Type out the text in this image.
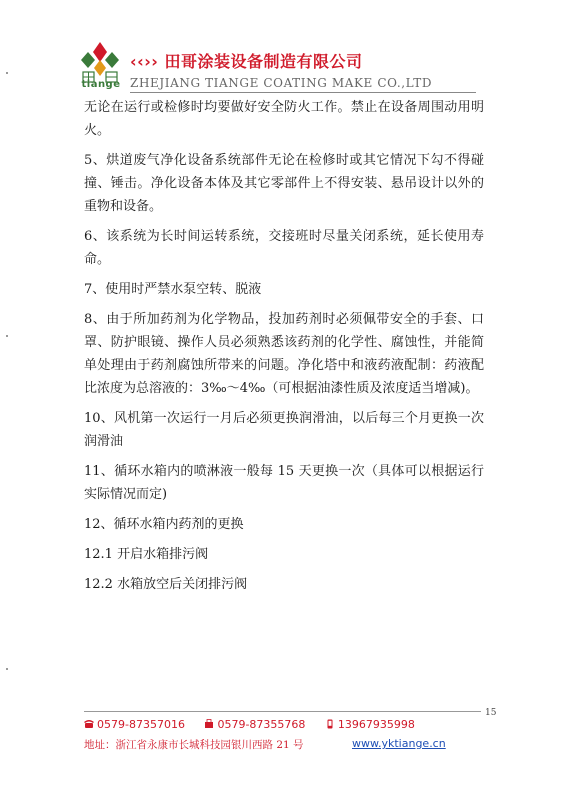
tiange
‹‹›› 田哥涂装设备制造有限公司
ZHEJIANG TIANGE COATING MAKE CO.,LTD

无论在运行或检修时均要做好安全防火工作。禁止在设备周围动用明火。

5、烘道废气净化设备系统部件无论在检修时或其它情况下勾不得碰撞、锤击。净化设备本体及其它零部件上不得安装、悬吊设计以外的重物和设备。

6、该系统为长时间运转系统，交接班时尽量关闭系统，延长使用寿命。

7、使用时严禁水泵空转、脱液

8、由于所加药剂为化学物品，投加药剂时必须佩带安全的手套、口罩、防护眼镜、操作人员必须熟悉该药剂的化学性、腐蚀性，并能简单处理由于药剂腐蚀所带来的问题。净化塔中和液药液配制：药液配比浓度为总溶液的：3‰～4‰（可根据油漆性质及浓度适当增减)。

10、风机第一次运行一月后必须更换润滑油，以后每三个月更换一次润滑油

11、循环水箱内的喷淋液一般每 15 天更换一次（具体可以根据运行实际情况而定)

12、循环水箱内药剂的更换

12.1 开启水箱排污阀

12.2 水箱放空后关闭排污阀

15
0579-87357016	0579-87355768	13967935998
地址：浙江省永康市长城科技园银川西路 21 号	www.yktiange.cn
